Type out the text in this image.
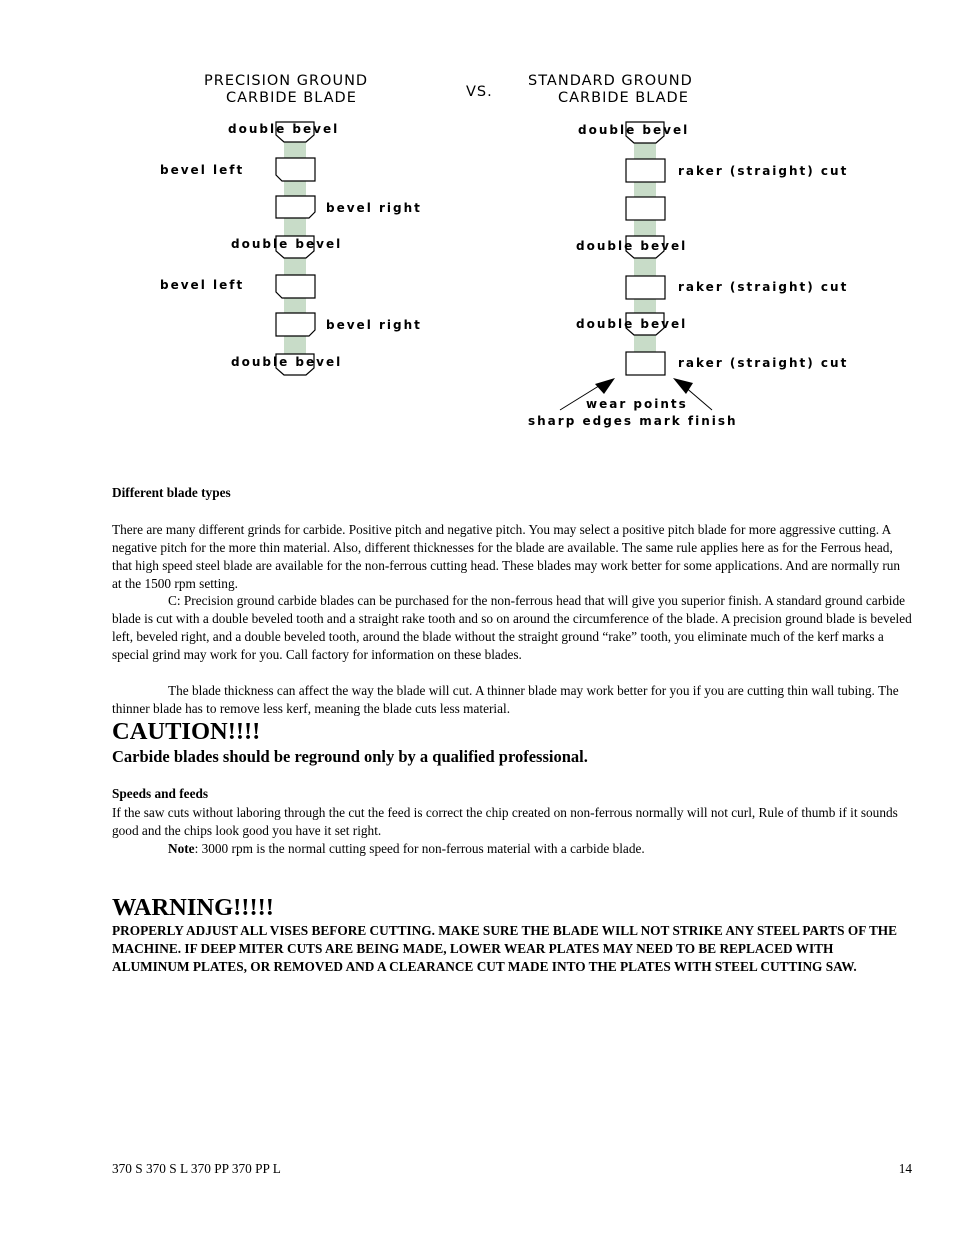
PRECISION GROUND
CARBIDE BLADE	VS.
STANDARD GROUND
CARBIDE BLADE
double bevel
bevel left
bevel right
double bevel
bevel left
bevel right
double bevel
double bevel
raker (straight) cut
double bevel
raker (straight) cut
double bevel
raker (straight) cut
wear points
sharp edges mark finish

Different blade types

There are many different grinds for carbide. Positive pitch and negative pitch. You may select a positive pitch blade for more aggressive cutting. A negative pitch for the more thin material. Also, different thicknesses for the blade are available. The same rule applies here as for the Ferrous head, that high speed steel blade are available for the non-ferrous cutting head. These blades may work better for some applications. And are normally run at the 1500 rpm setting.

C: Precision ground carbide blades can be purchased for the non-ferrous head that will give you superior finish. A standard ground carbide blade is cut with a double beveled tooth and a straight rake tooth and so on around the circumference of the blade. A precision ground blade is beveled left, beveled right, and a double beveled tooth, around the blade without the straight ground “rake” tooth, you eliminate much of the kerf marks a special grind may work for you. Call factory for information on these blades.

The blade thickness can affect the way the blade will cut. A thinner blade may work better for you if you are cutting thin wall tubing. The thinner blade has to remove less kerf, meaning the blade cuts less material.

CAUTION!!!!

Carbide blades should be reground only by a qualified professional.

Speeds and feeds

If the saw cuts without laboring through the cut the feed is correct the chip created on non-ferrous normally will not curl, Rule of thumb if it sounds good and the chips look good you have it set right.

Note: 3000 rpm is the normal cutting speed for non-ferrous material with a carbide blade.

WARNING!!!!!

PROPERLY ADJUST ALL VISES BEFORE CUTTING. MAKE SURE THE BLADE WILL NOT STRIKE ANY STEEL PARTS OF THE MACHINE. IF DEEP MITER CUTS ARE BEING MADE, LOWER WEAR PLATES MAY NEED TO BE REPLACED WITH ALUMINUM PLATES, OR REMOVED AND A CLEARANCE CUT MADE INTO THE PLATES WITH STEEL CUTTING SAW.

370 S 370 S L 370 PP 370 PP L	14
